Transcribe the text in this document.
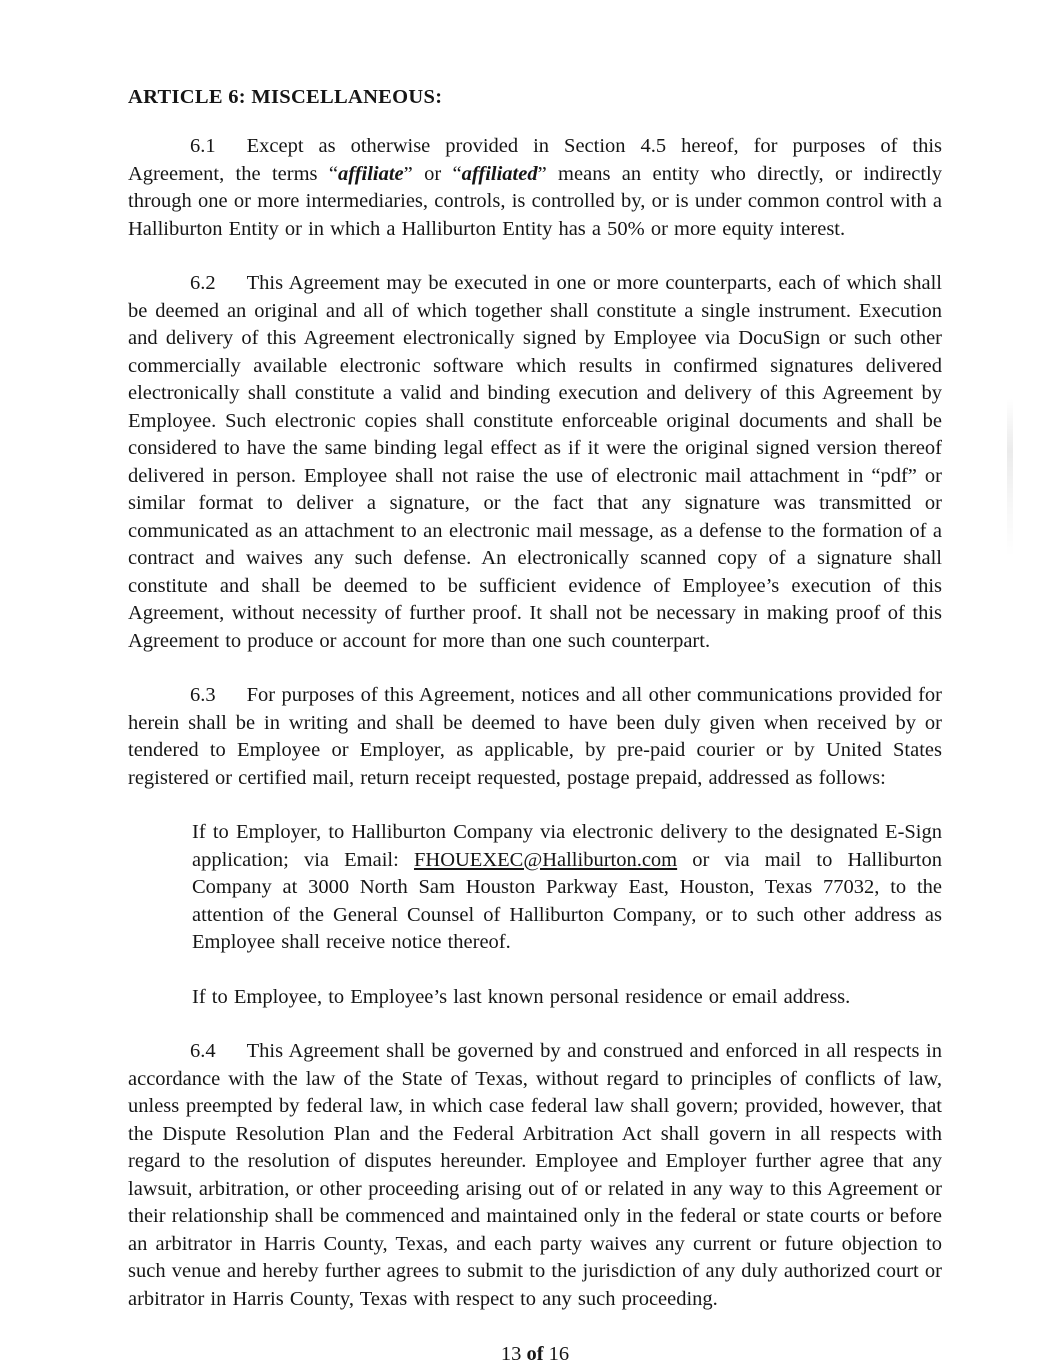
ARTICLE 6: MISCELLANEOUS:

6.1 Except as otherwise provided in Section 4.5 hereof, for purposes of this Agreement, the terms “affiliate” or “affiliated” means an entity who directly, or indirectly through one or more intermediaries, controls, is controlled by, or is under common control with a Halliburton Entity or in which a Halliburton Entity has a 50% or more equity interest.

6.2 This Agreement may be executed in one or more counterparts, each of which shall be deemed an original and all of which together shall constitute a single instrument. Execution and delivery of this Agreement electronically signed by Employee via DocuSign or such other commercially available electronic software which results in confirmed signatures delivered electronically shall constitute a valid and binding execution and delivery of this Agreement by Employee. Such electronic copies shall constitute enforceable original documents and shall be considered to have the same binding legal effect as if it were the original signed version thereof delivered in person. Employee shall not raise the use of electronic mail attachment in “pdf” or similar format to deliver a signature, or the fact that any signature was transmitted or communicated as an attachment to an electronic mail message, as a defense to the formation of a contract and waives any such defense. An electronically scanned copy of a signature shall constitute and shall be deemed to be sufficient evidence of Employee’s execution of this Agreement, without necessity of further proof. It shall not be necessary in making proof of this Agreement to produce or account for more than one such counterpart.

6.3 For purposes of this Agreement, notices and all other communications provided for herein shall be in writing and shall be deemed to have been duly given when received by or tendered to Employee or Employer, as applicable, by pre-paid courier or by United States registered or certified mail, return receipt requested, postage prepaid, addressed as follows:

If to Employer, to Halliburton Company via electronic delivery to the designated E-Sign application; via Email: FHOUEXEC@Halliburton.com or via mail to Halliburton Company at 3000 North Sam Houston Parkway East, Houston, Texas 77032, to the attention of the General Counsel of Halliburton Company, or to such other address as Employee shall receive notice thereof.

If to Employee, to Employee’s last known personal residence or email address.

6.4 This Agreement shall be governed by and construed and enforced in all respects in accordance with the law of the State of Texas, without regard to principles of conflicts of law, unless preempted by federal law, in which case federal law shall govern; provided, however, that the Dispute Resolution Plan and the Federal Arbitration Act shall govern in all respects with regard to the resolution of disputes hereunder. Employee and Employer further agree that any lawsuit, arbitration, or other proceeding arising out of or related in any way to this Agreement or their relationship shall be commenced and maintained only in the federal or state courts or before an arbitrator in Harris County, Texas, and each party waives any current or future objection to such venue and hereby further agrees to submit to the jurisdiction of any duly authorized court or arbitrator in Harris County, Texas with respect to any such proceeding.

13 of 16
